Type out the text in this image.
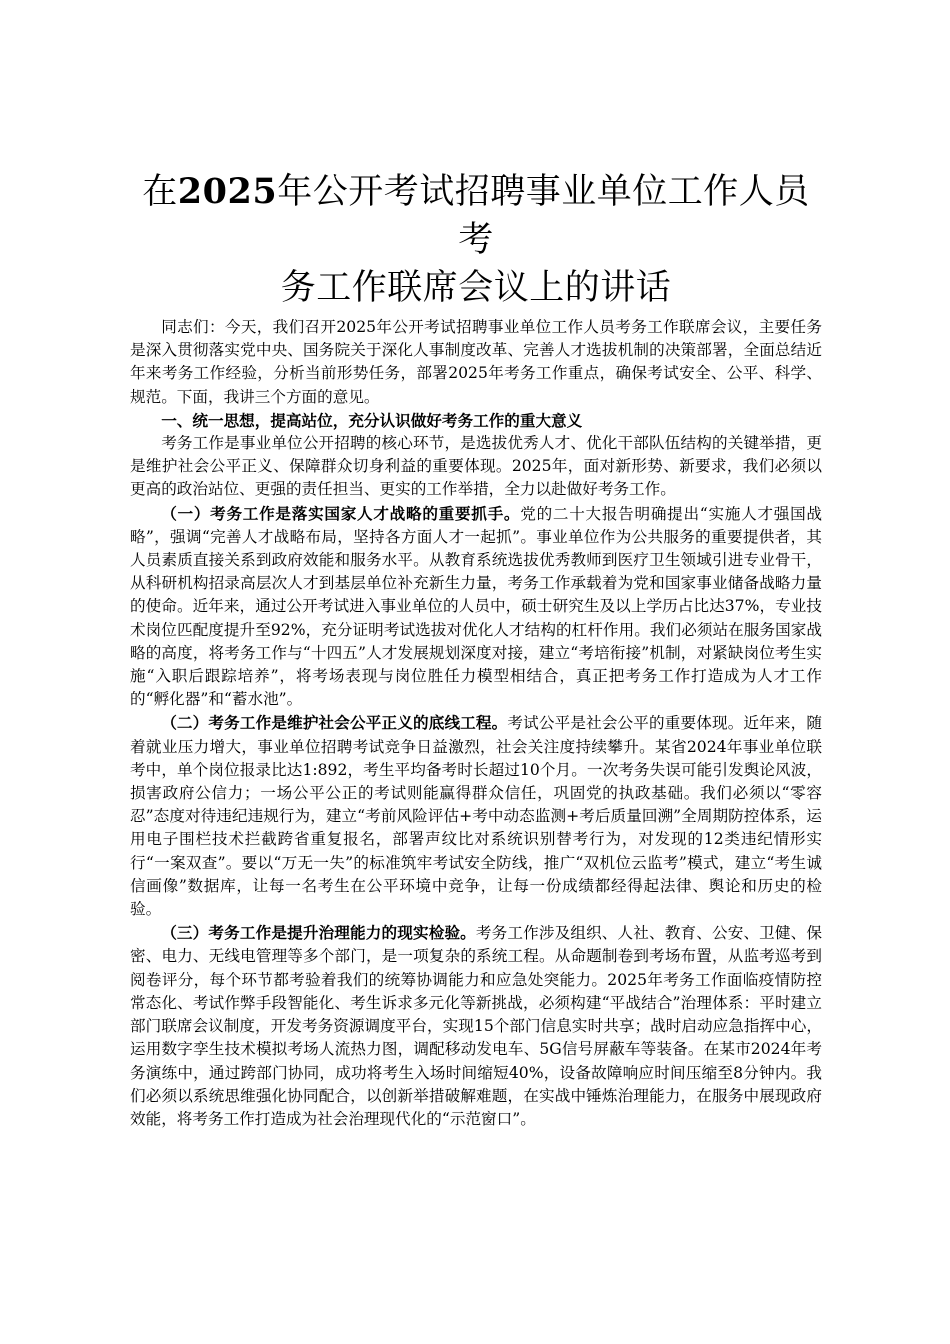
在2025年公开考试招聘事业单位工作人员考
务工作联席会议上的讲话

同志们：今天，我们召开2025年公开考试招聘事业单位工作人员考务工作联席会议，主要任务是深入贯彻落实党中央、国务院关于深化人事制度改革、完善人才选拔机制的决策部署，全面总结近年来考务工作经验，分析当前形势任务，部署2025年考务工作重点，确保考试安全、公平、科学、规范。下面，我讲三个方面的意见。

一、统一思想，提高站位，充分认识做好考务工作的重大意义

考务工作是事业单位公开招聘的核心环节，是选拔优秀人才、优化干部队伍结构的关键举措，更是维护社会公平正义、保障群众切身利益的重要体现。2025年，面对新形势、新要求，我们必须以更高的政治站位、更强的责任担当、更实的工作举措，全力以赴做好考务工作。

（一）考务工作是落实国家人才战略的重要抓手。党的二十大报告明确提出“实施人才强国战略”，强调“完善人才战略布局，坚持各方面人才一起抓”。事业单位作为公共服务的重要提供者，其人员素质直接关系到政府效能和服务水平。从教育系统选拔优秀教师到医疗卫生领域引进专业骨干，从科研机构招录高层次人才到基层单位补充新生力量，考务工作承载着为党和国家事业储备战略力量的使命。近年来，通过公开考试进入事业单位的人员中，硕士研究生及以上学历占比达37%，专业技术岗位匹配度提升至92%，充分证明考试选拔对优化人才结构的杠杆作用。我们必须站在服务国家战略的高度，将考务工作与“十四五”人才发展规划深度对接，建立“考培衔接”机制，对紧缺岗位考生实施“入职后跟踪培养”，将考场表现与岗位胜任力模型相结合，真正把考务工作打造成为人才工作的“孵化器”和“蓄水池”。

（二）考务工作是维护社会公平正义的底线工程。考试公平是社会公平的重要体现。近年来，随着就业压力增大，事业单位招聘考试竞争日益激烈，社会关注度持续攀升。某省2024年事业单位联考中，单个岗位报录比达1:892，考生平均备考时长超过10个月。一次考务失误可能引发舆论风波，损害政府公信力；一场公平公正的考试则能赢得群众信任，巩固党的执政基础。我们必须以“零容忍”态度对待违纪违规行为，建立“考前风险评估+考中动态监测+考后质量回溯”全周期防控体系，运用电子围栏技术拦截跨省重复报名，部署声纹比对系统识别替考行为，对发现的12类违纪情形实行“一案双查”。要以“万无一失”的标准筑牢考试安全防线，推广“双机位云监考”模式，建立“考生诚信画像”数据库，让每一名考生在公平环境中竞争，让每一份成绩都经得起法律、舆论和历史的检验。

（三）考务工作是提升治理能力的现实检验。考务工作涉及组织、人社、教育、公安、卫健、保密、电力、无线电管理等多个部门，是一项复杂的系统工程。从命题制卷到考场布置，从监考巡考到阅卷评分，每个环节都考验着我们的统筹协调能力和应急处突能力。2025年考务工作面临疫情防控常态化、考试作弊手段智能化、考生诉求多元化等新挑战，必须构建“平战结合”治理体系：平时建立部门联席会议制度，开发考务资源调度平台，实现15个部门信息实时共享；战时启动应急指挥中心，运用数字孪生技术模拟考场人流热力图，调配移动发电车、5G信号屏蔽车等装备。在某市2024年考务演练中，通过跨部门协同，成功将考生入场时间缩短40%，设备故障响应时间压缩至8分钟内。我们必须以系统思维强化协同配合，以创新举措破解难题，在实战中锤炼治理能力，在服务中展现政府效能，将考务工作打造成为社会治理现代化的“示范窗口”。
